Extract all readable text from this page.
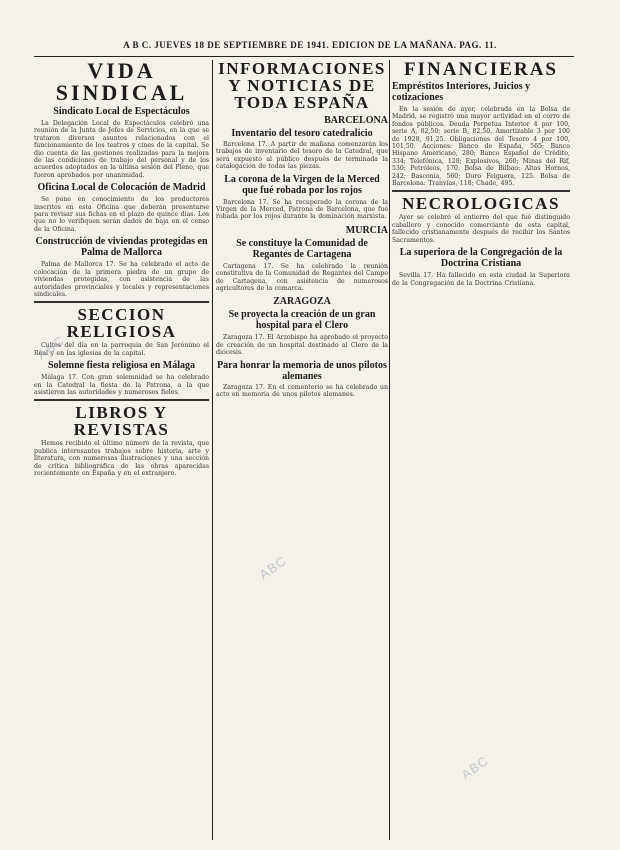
A B C. JUEVES 18 DE SEPTIEMBRE DE 1941. EDICION DE LA MAÑANA. PAG. 11.
VIDA SINDICAL
Sindicato Local de Espectáculos

La Delegación Local de Espectáculos celebró una reunión de la Junta de Jefes de Servicios, en la que se trataron diversos asuntos relacionados con el funcionamiento de los teatros y cines de la capital. Se dio cuenta de las gestiones realizadas para la mejora de las condiciones de trabajo del personal y de los acuerdos adoptados en la última sesión del Pleno, que fueron aprobados por unanimidad.

Oficina Local de Colocación de Madrid

Se pone en conocimiento de los productores inscritos en esta Oficina que deberán presentarse para revisar sus fichas en el plazo de quince días. Los que no lo verifiquen serán dados de baja en el censo de la Oficina.

Construcción de viviendas protegidas en Palma de Mallorca

Palma de Mallorca 17. Se ha celebrado el acto de colocación de la primera piedra de un grupo de viviendas protegidas, con asistencia de las autoridades provinciales y locales y representaciones sindicales.

SECCION RELIGIOSA

Cultos del día en la parroquia de San Jerónimo el Real y en las iglesias de la capital.

Solemne fiesta religiosa en Málaga

Málaga 17. Con gran solemnidad se ha celebrado en la Catedral la fiesta de la Patrona, a la que asistieron las autoridades y numerosos fieles.

LIBROS Y REVISTAS

Hemos recibido el último número de la revista, que publica interesantes trabajos sobre historia, arte y literatura, con numerosas ilustraciones y una sección de crítica bibliográfica de las obras aparecidas recientemente en España y en el extranjero.

INFORMACIONES Y NOTICIAS DE TODA ESPAÑA
BARCELONA
Inventario del tesoro catedralicio

Barcelona 17. A partir de mañana comenzarán los trabajos de inventario del tesoro de la Catedral, que será expuesto al público después de terminada la catalogación de todas las piezas.

La corona de la Virgen de la Merced que fué robada por los rojos

Barcelona 17. Se ha recuperado la corona de la Virgen de la Merced, Patrona de Barcelona, que fué robada por los rojos durante la dominación marxista.

MURCIA
Se constituye la Comunidad de Regantes de Cartagena

Cartagena 17. Se ha celebrado la reunión constitutiva de la Comunidad de Regantes del Campo de Cartagena, con asistencia de numerosos agricultores de la comarca.

ZARAGOZA
Se proyecta la creación de un gran hospital para el Clero

Zaragoza 17. El Arzobispo ha aprobado el proyecto de creación de un hospital destinado al Clero de la diócesis.

Para honrar la memoria de unos pilotos alemanes

Zaragoza 17. En el cementerio se ha celebrado un acto en memoria de unos pilotos alemanes.

FINANCIERAS
Empréstitos Interiores, Juicios y cotizaciones

En la sesión de ayer, celebrada en la Bolsa de Madrid, se registró una mayor actividad en el corro de fondos públicos. Deuda Perpetua Interior 4 por 100, serie A, 82,50; serie B, 82,50. Amortizable 3 por 100 de 1928, 91,25. Obligaciones del Tesoro 4 por 100, 101,50. Acciones: Banco de España, 565; Banco Hispano Americano, 280; Banco Español de Crédito, 334; Telefónica, 128; Explosivos, 260; Minas del Rif, 530; Petróleos, 170. Bolsa de Bilbao: Altos Hornos, 242; Basconia, 560; Duro Felguera, 125. Bolsa de Barcelona: Tranvías, 118; Chade, 495.

NECROLOGICAS

Ayer se celebró el entierro del que fué distinguido caballero y conocido comerciante de esta capital, fallecido cristianamente después de recibir los Santos Sacramentos.

La superiora de la Congregación de la Doctrina Cristiana

Sevilla 17. Ha fallecido en esta ciudad la Superiora de la Congregación de la Doctrina Cristiana.

ABC
ABC
ABC
